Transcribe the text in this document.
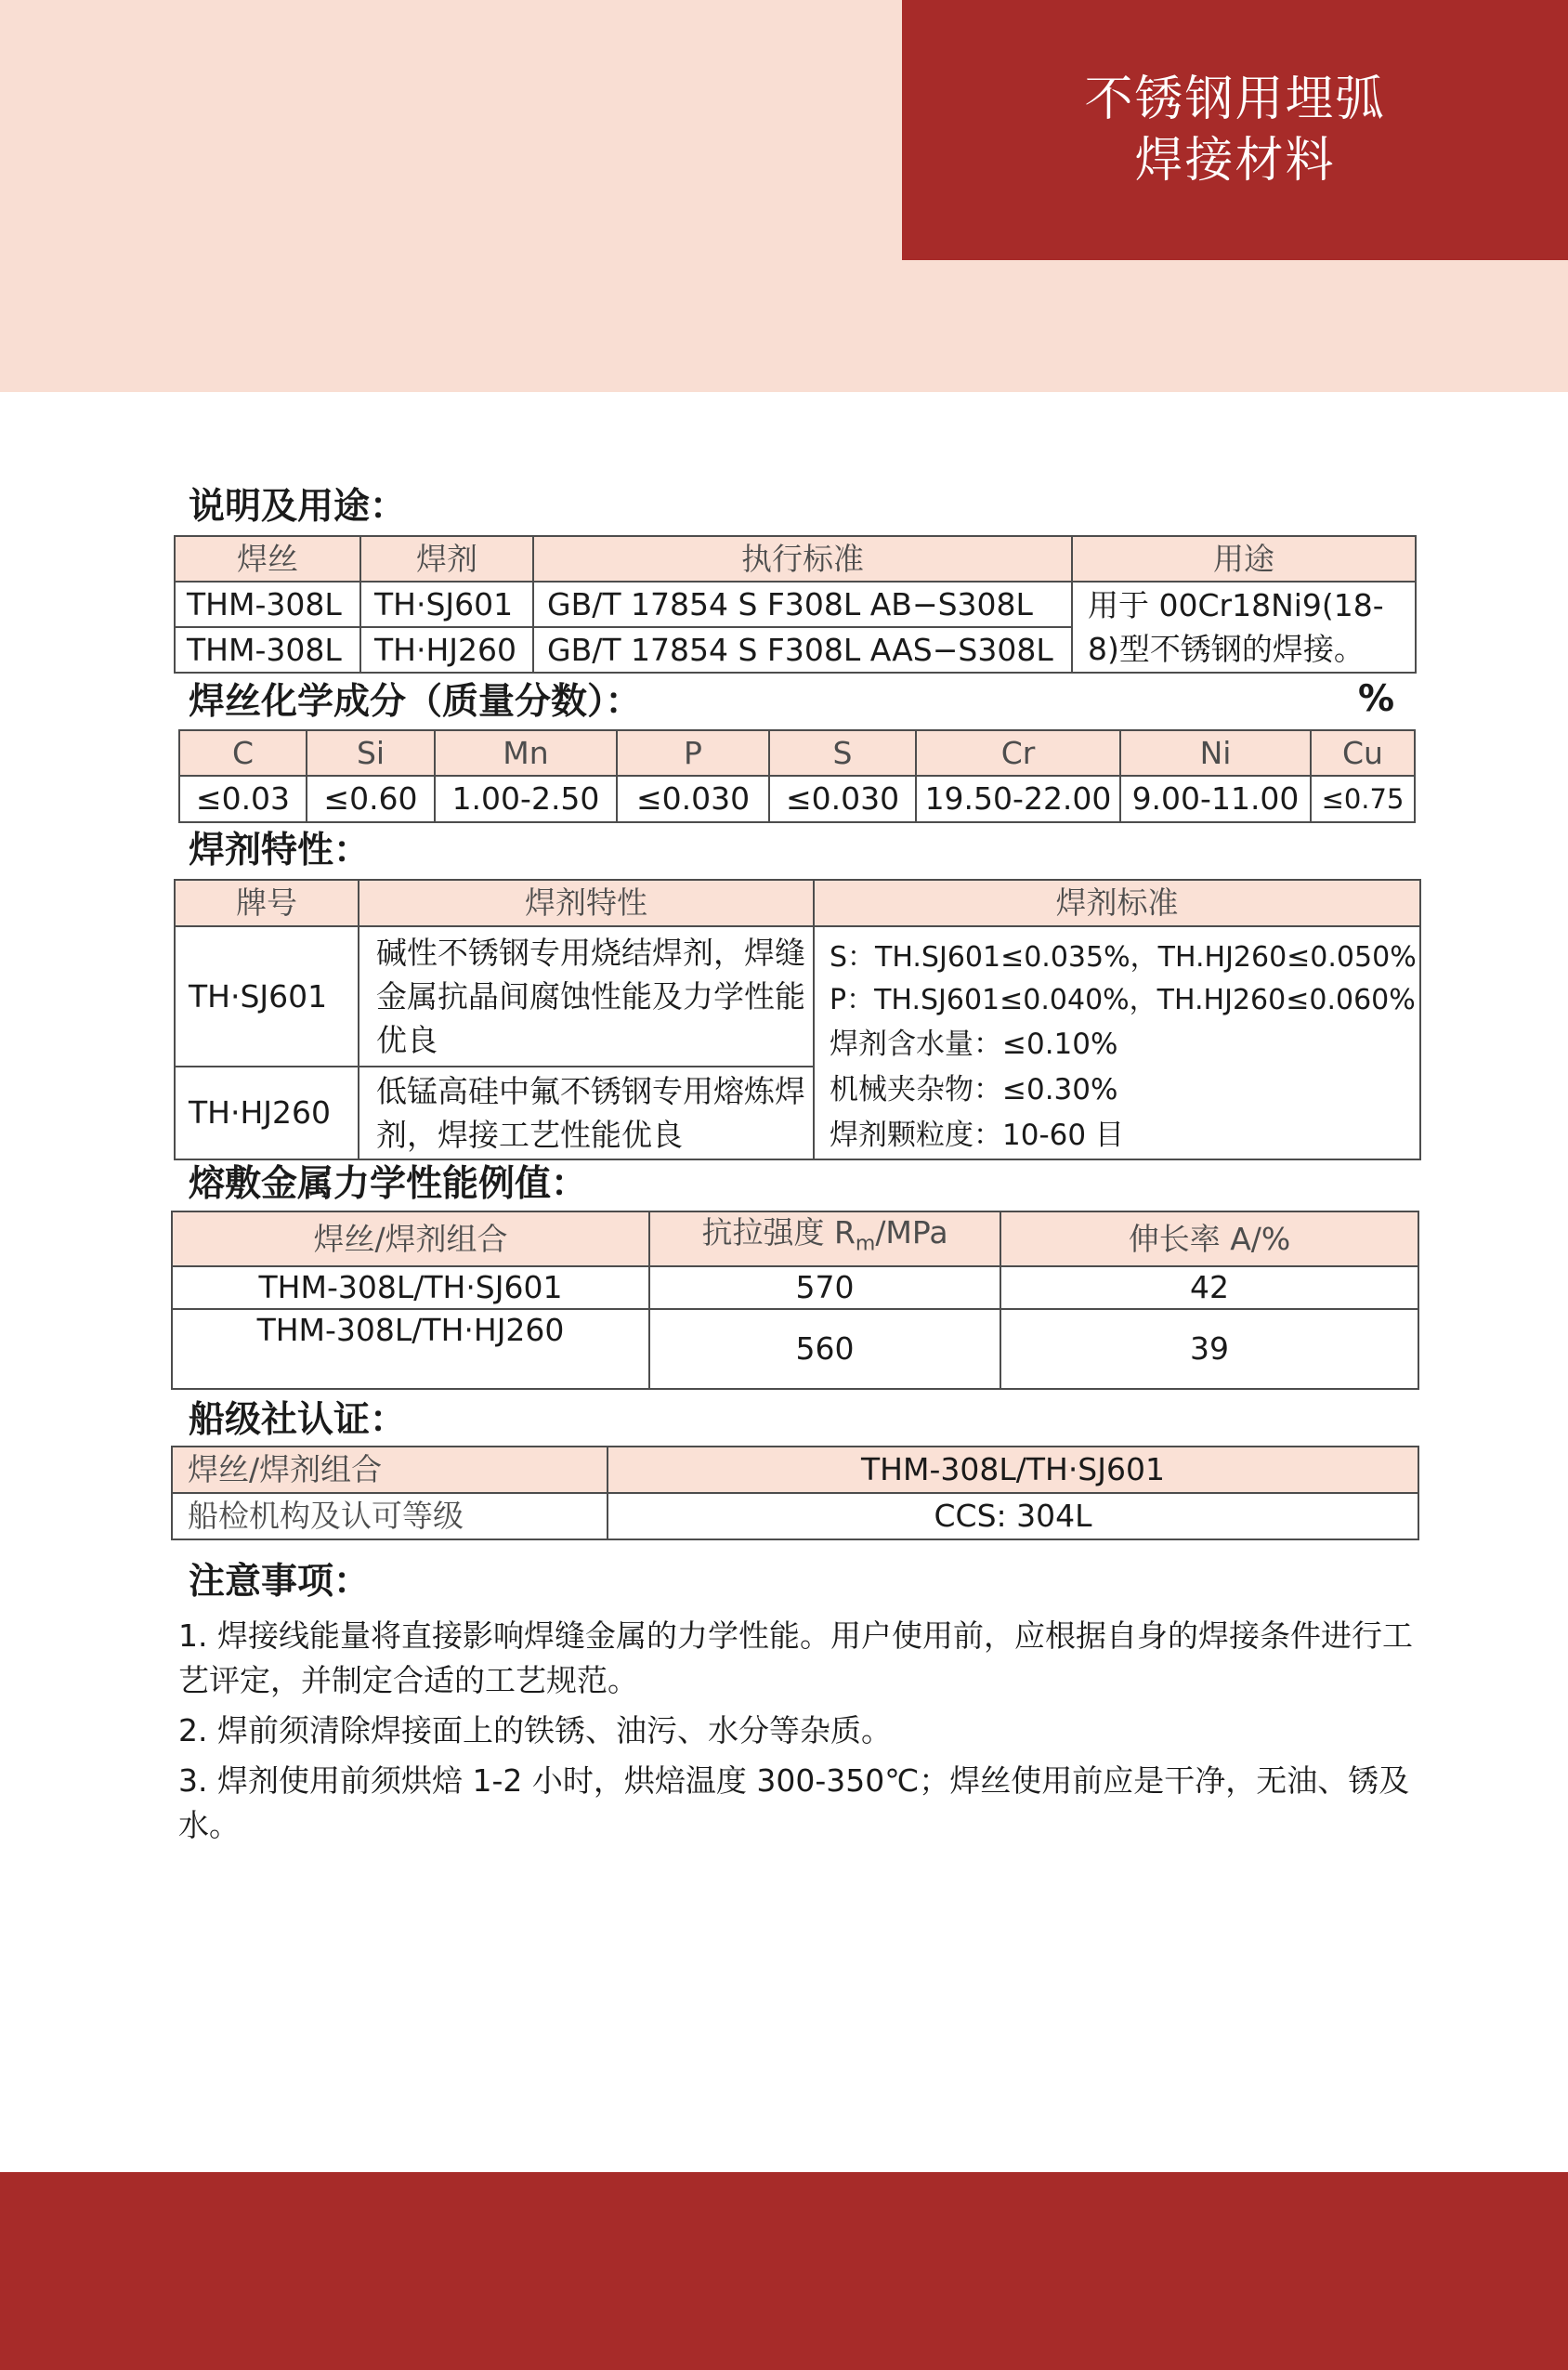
不锈钢用埋弧
焊接材料
说明及用途：
焊丝	焊剂	执行标准	用途
THM-308L	TH·SJ601	GB/T 17854 S F308L AB−S308L	用于 00Cr18Ni9(18-8)型不锈钢的焊接。
THM-308L	TH·HJ260	GB/T 17854 S F308L AAS−S308L	
焊丝化学成分（质量分数）：	%
C	Si	Mn	P	S	Cr	Ni	Cu
≤0.03	≤0.60	1.00-2.50	≤0.030	≤0.030	19.50-22.00	9.00-11.00	≤0.75
焊剂特性：
牌号	焊剂特性	焊剂标准
TH·SJ601	碱性不锈钢专用烧结焊剂，焊缝金属抗晶间腐蚀性能及力学性能优良	S：TH.SJ601≤0.035%，TH.HJ260≤0.050%
P：TH.SJ601≤0.040%，TH.HJ260≤0.060%
焊剂含水量：≤0.10%
机械夹杂物：≤0.30%
焊剂颗粒度：10-60 目

TH·HJ260	低锰高硅中氟不锈钢专用熔炼焊剂，焊接工艺性能优良	
熔敷金属力学性能例值：
焊丝/焊剂组合	抗拉强度 $R_m$/MPa	伸长率 A/%
THM-308L/TH·SJ601	570	42
THM-308L/TH·HJ260	560	39
船级社认证：
焊丝/焊剂组合	THM-308L/TH·SJ601
船检机构及认可等级	CCS: 304L
注意事项：

1. 焊接线能量将直接影响焊缝金属的力学性能。用户使用前，应根据自身的焊接条件进行工艺评定，并制定合适的工艺规范。

2. 焊前须清除焊接面上的铁锈、油污、水分等杂质。

3. 焊剂使用前须烘焙 1-2 小时，烘焙温度 300-350℃；焊丝使用前应是干净，无油、锈及水。
